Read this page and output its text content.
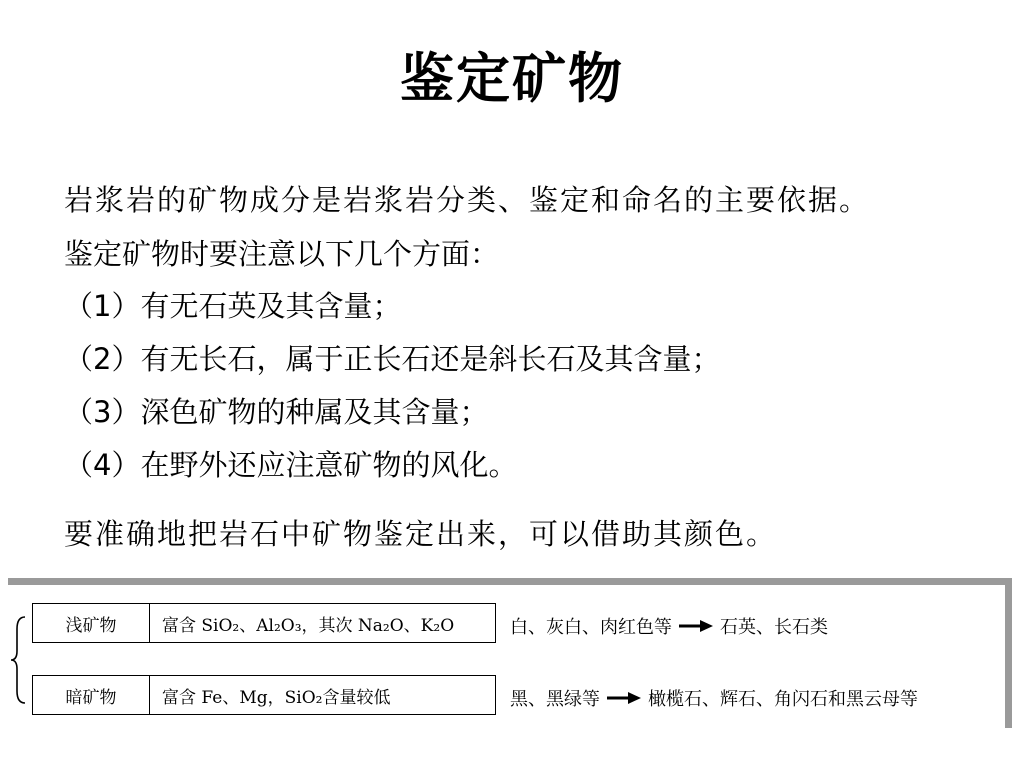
鉴定矿物
岩浆岩的矿物成分是岩浆岩分类、鉴定和命名的主要依据。
鉴定矿物时要注意以下几个方面：
（1）有无石英及其含量；
（2）有无长石，属于正长石还是斜长石及其含量；
（3）深色矿物的种属及其含量；
（4）在野外还应注意矿物的风化。
要准确地把岩石中矿物鉴定出来，可以借助其颜色。
浅矿物	富含 SiO₂、Al₂O₃，其次 Na₂O、K₂O	白、灰白、肉红色等	石英、长石类
暗矿物	富含 Fe、Mg，SiO₂含量较低	黑、黑绿等	橄榄石、辉石、角闪石和黑云母等
